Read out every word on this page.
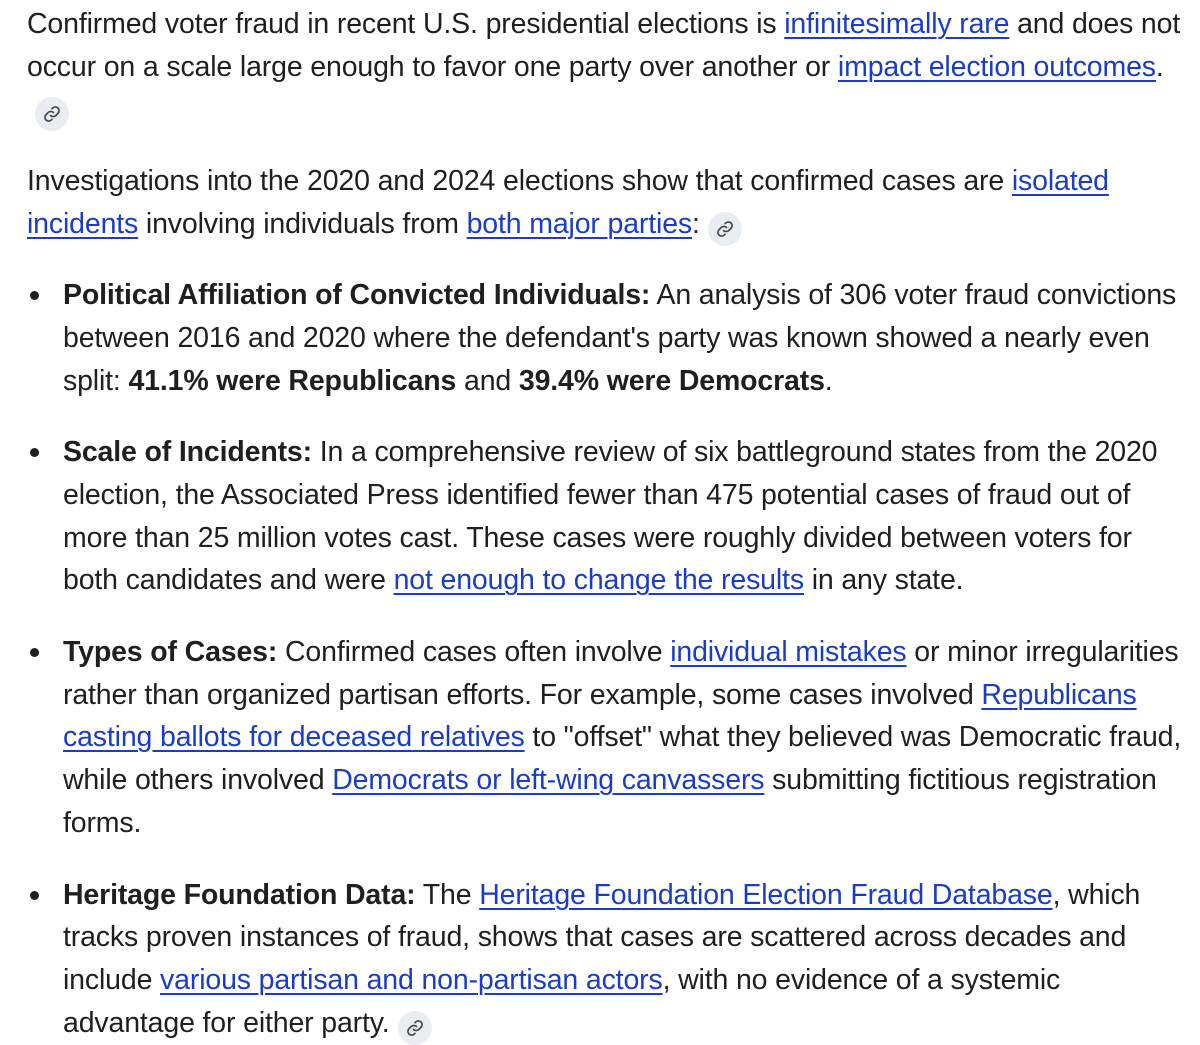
Confirmed voter fraud in recent U.S. presidential elections is infinitesimally rare and does not occur on a scale large enough to favor one party over another or impact election outcomes.

Investigations into the 2020 and 2024 elections show that confirmed cases are isolated incidents involving individuals from both major parties:

Political Affiliation of Convicted Individuals: An analysis of 306 voter fraud convictions between 2016 and 2020 where the defendant's party was known showed a nearly even split: 41.1% were Republicans and 39.4% were Democrats.
Scale of Incidents: In a comprehensive review of six battleground states from the 2020 election, the Associated Press identified fewer than 475 potential cases of fraud out of more than 25 million votes cast. These cases were roughly divided between voters for both candidates and were not enough to change the results in any state.
Types of Cases: Confirmed cases often involve individual mistakes or minor irregularities rather than organized partisan efforts. For example, some cases involved Republicans casting ballots for deceased relatives to "offset" what they believed was Democratic fraud, while others involved Democrats or left-wing canvassers submitting fictitious registration forms.
Heritage Foundation Data: The Heritage Foundation Election Fraud Database, which tracks proven instances of fraud, shows that cases are scattered across decades and include various partisan and non-partisan actors, with no evidence of a systemic advantage for either party.
